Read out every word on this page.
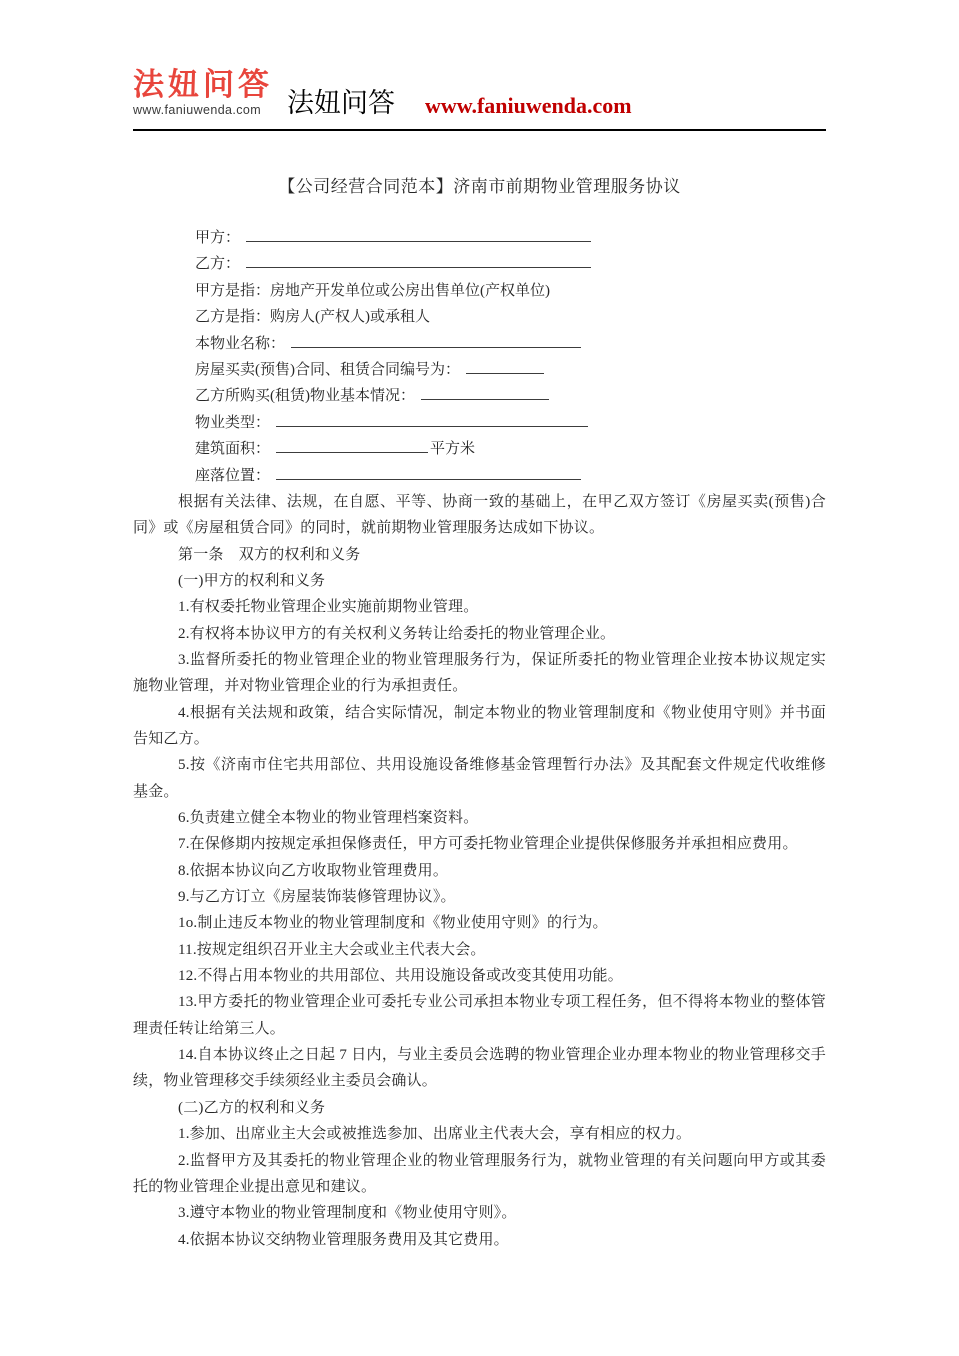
法妞问答
www.faniuwenda.com 法妞问答 www.faniuwenda.com
【公司经营合同范本】济南市前期物业管理服务协议
甲方：
乙方：
甲方是指：房地产开发单位或公房出售单位(产权单位)
乙方是指：购房人(产权人)或承租人
本物业名称：
房屋买卖(预售)合同、租赁合同编号为：
乙方所购买(租赁)物业基本情况：
物业类型：
建筑面积：	平方米
座落位置：

根据有关法律、法规，在自愿、平等、协商一致的基础上，在甲乙双方签订《房屋买卖(预售)合同》或《房屋租赁合同》的同时，就前期物业管理服务达成如下协议。

第一条　双方的权利和义务

(一)甲方的权利和义务

1.有权委托物业管理企业实施前期物业管理。

2.有权将本协议甲方的有关权利义务转让给委托的物业管理企业。

3.监督所委托的物业管理企业的物业管理服务行为，保证所委托的物业管理企业按本协议规定实施物业管理，并对物业管理企业的行为承担责任。

4.根据有关法规和政策，结合实际情况，制定本物业的物业管理制度和《物业使用守则》并书面告知乙方。

5.按《济南市住宅共用部位、共用设施设备维修基金管理暂行办法》及其配套文件规定代收维修基金。

6.负责建立健全本物业的物业管理档案资料。

7.在保修期内按规定承担保修责任，甲方可委托物业管理企业提供保修服务并承担相应费用。

8.依据本协议向乙方收取物业管理费用。

9.与乙方订立《房屋装饰装修管理协议》。

1o.制止违反本物业的物业管理制度和《物业使用守则》的行为。

11.按规定组织召开业主大会或业主代表大会。

12.不得占用本物业的共用部位、共用设施设备或改变其使用功能。

13.甲方委托的物业管理企业可委托专业公司承担本物业专项工程任务，但不得将本物业的整体管理责任转让给第三人。

14.自本协议终止之日起 7 日内，与业主委员会选聘的物业管理企业办理本物业的物业管理移交手续，物业管理移交手续须经业主委员会确认。

(二)乙方的权利和义务

1.参加、出席业主大会或被推选参加、出席业主代表大会，享有相应的权力。

2.监督甲方及其委托的物业管理企业的物业管理服务行为，就物业管理的有关问题向甲方或其委托的物业管理企业提出意见和建议。

3.遵守本物业的物业管理制度和《物业使用守则》。

4.依据本协议交纳物业管理服务费用及其它费用。
